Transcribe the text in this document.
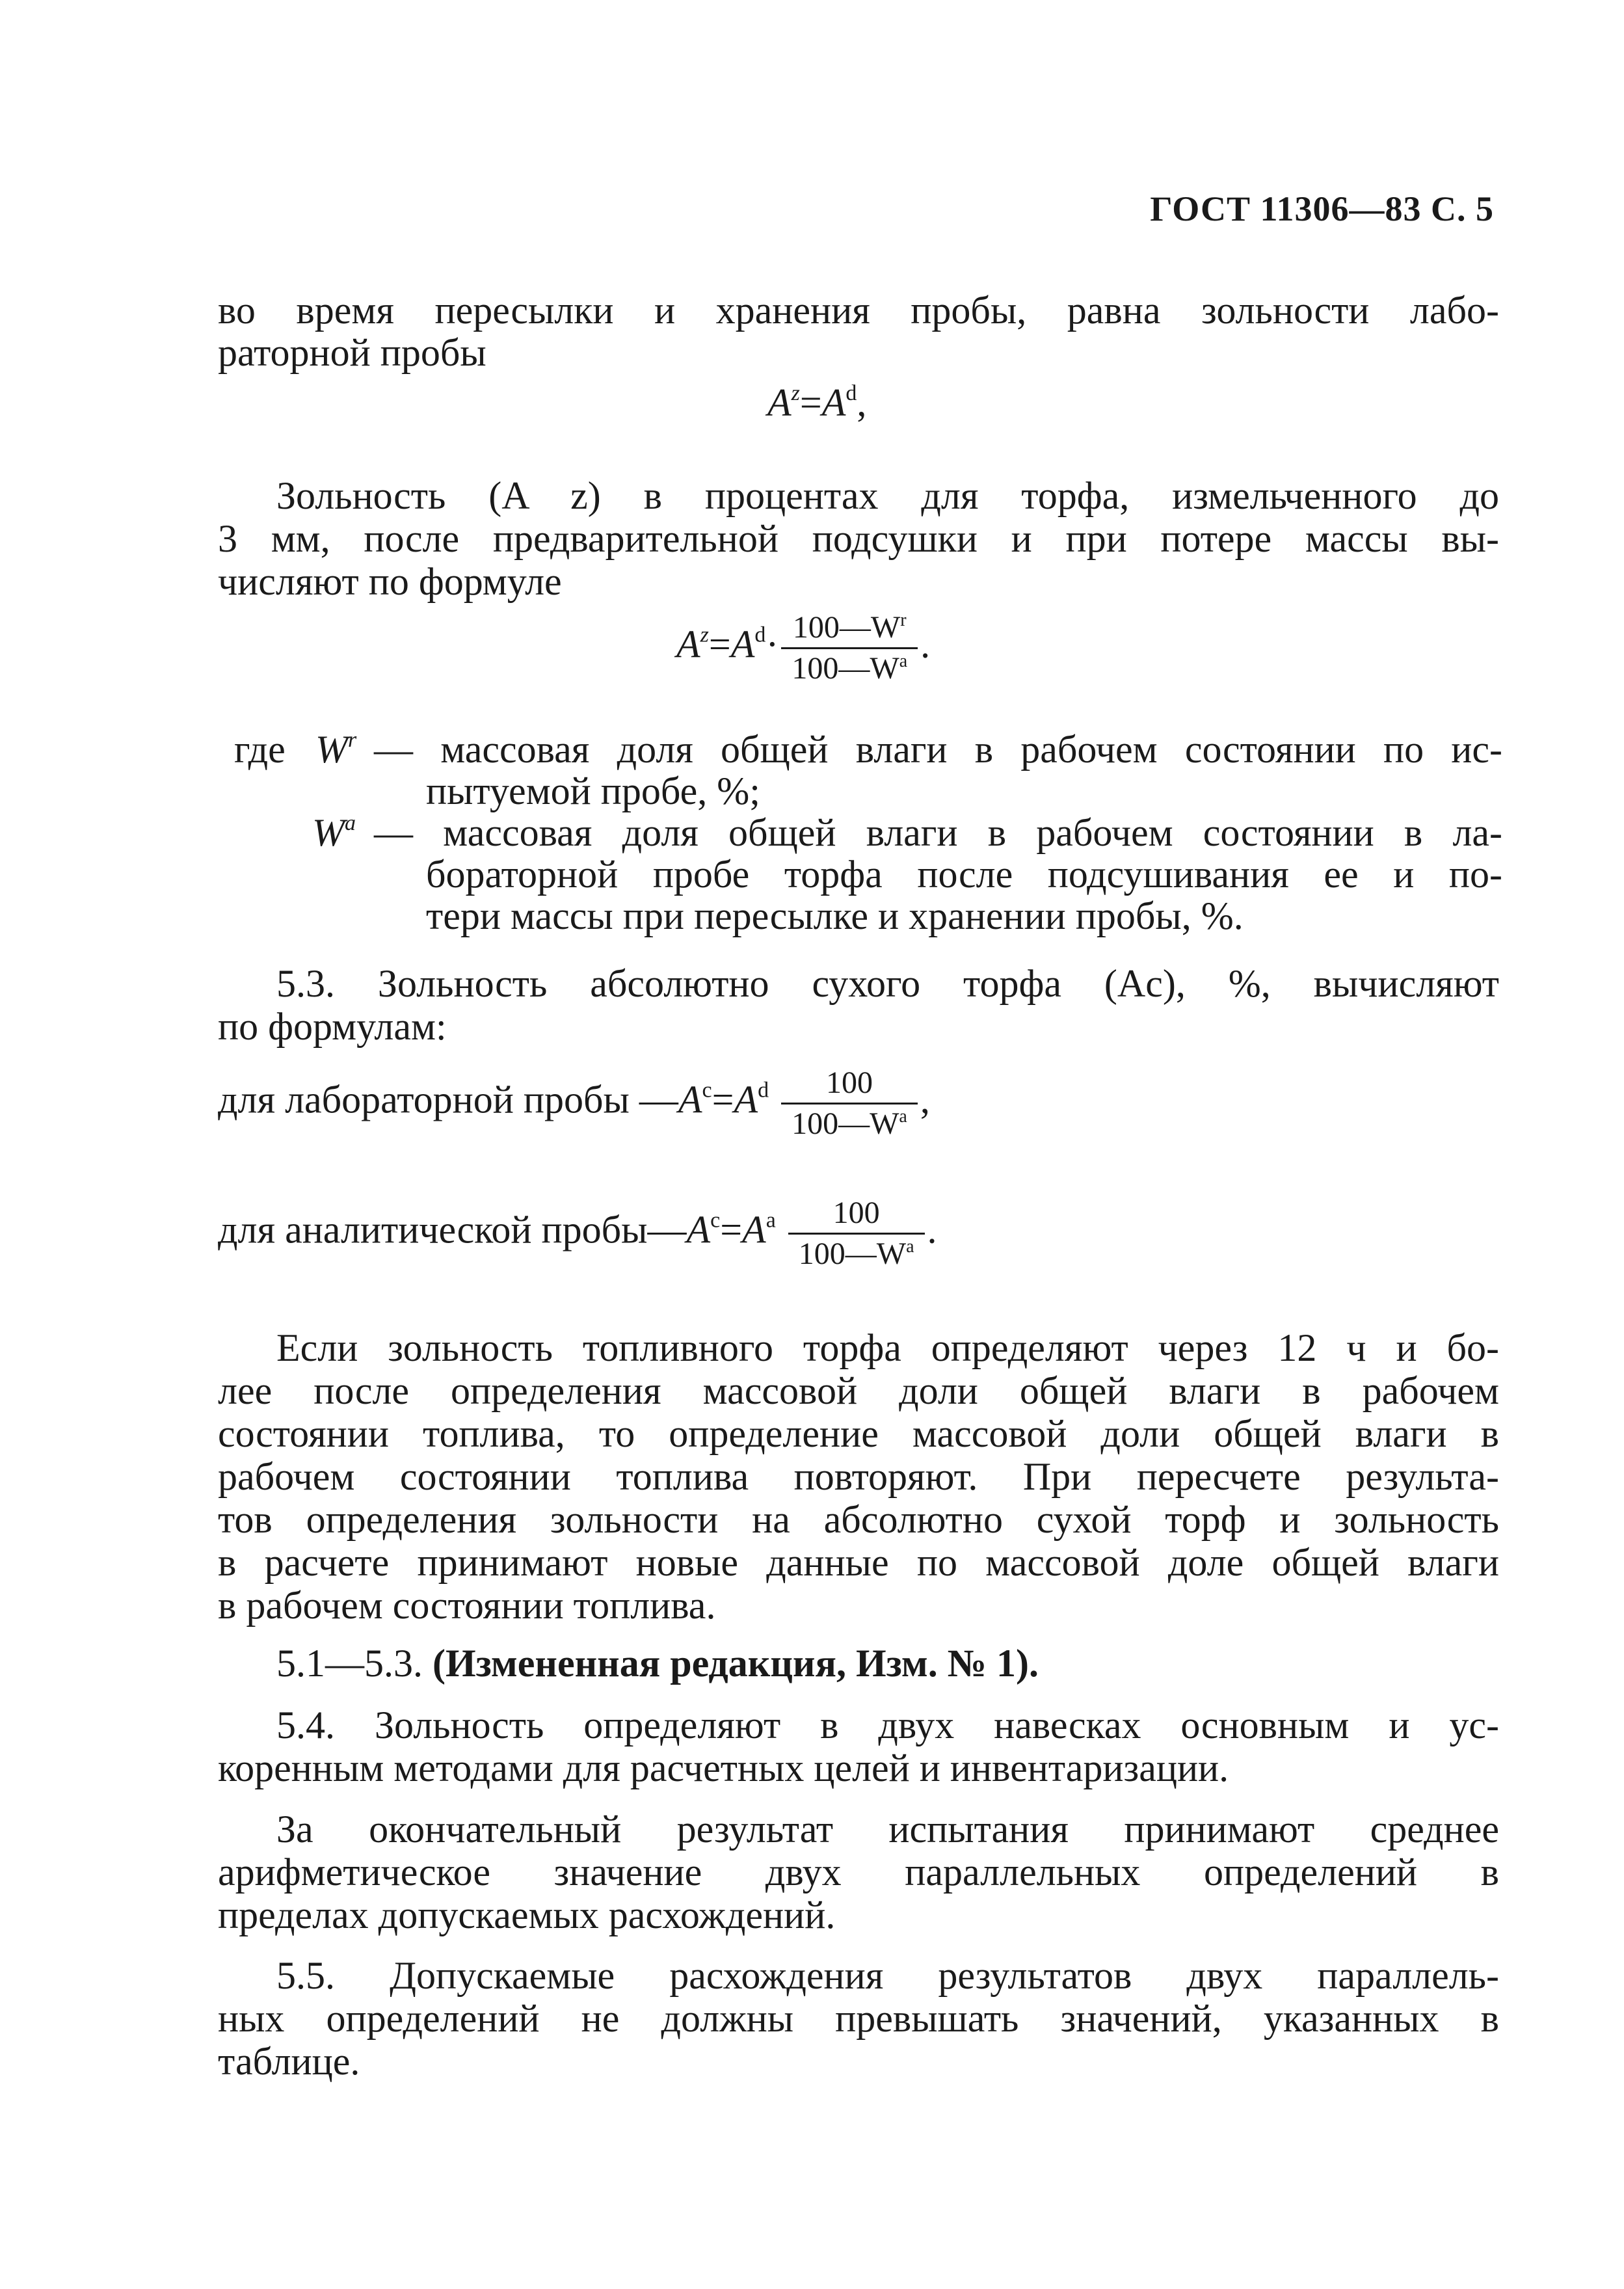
ГОСТ 11306—83 С. 5
во время пересылки и хранения пробы, равна зольности лабо-
раторной пробы
$A^z=A^d$,
Зольность (A z) в процентах для торфа, измельченного до
3 мм, после предварительной подсушки и при потере массы вы-
числяют по формуле
$A^z=A^d\cdot \frac{100—W^r}{100—W^a}$ .
где $W^r$ — массовая доля общей влаги в рабочем состоянии по ис-
пытуемой пробе, %;
$W^a$ — массовая доля общей влаги в рабочем состоянии в ла-
бораторной пробе торфа после подсушивания ее и по-
тери массы при пересылке и хранении пробы, %.
5.3. Зольность абсолютно сухого торфа (Aс), %, вычисляют
по формулам:
для лабораторной пробы $—A^c=A^d \frac{100}{100—W^a}$ ,
для аналитической $пробы—A^c=A^a \frac{100}{100—W^a}$ .
Если зольность топливного торфа определяют через 12 ч и бо-
лее после определения массовой доли общей влаги в рабочем
состоянии топлива, то определение массовой доли общей влаги в
рабочем состоянии топлива повторяют. При пересчете результа-
тов определения зольности на абсолютно сухой торф и зольность
в расчете принимают новые данные по массовой доле общей влаги
в рабочем состоянии топлива.
5.1—5.3. (Измененная редакция, Изм. № 1).
5.4. Зольность определяют в двух навесках основным и ус-
коренным методами для расчетных целей и инвентаризации.
За окончательный результат испытания принимают среднее
арифметическое значение двух параллельных определений в
пределах допускаемых расхождений.
5.5. Допускаемые расхождения результатов двух параллель-
ных определений не должны превышать значений, указанных в
таблице.
